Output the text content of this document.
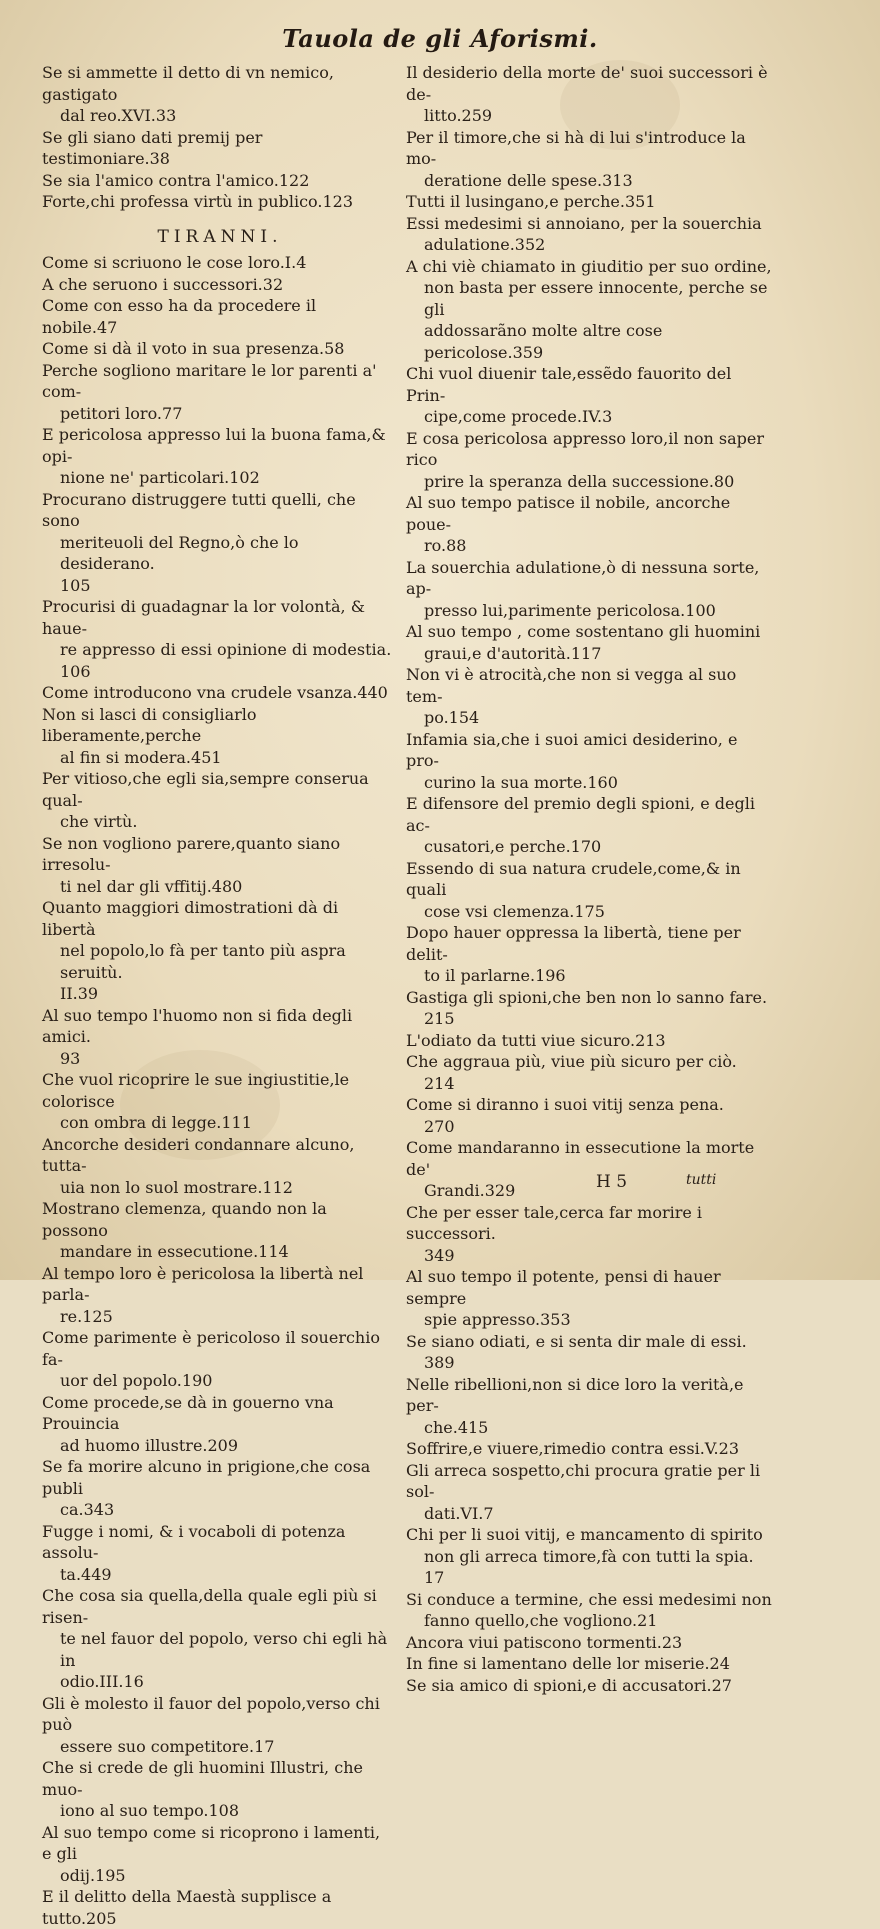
Tauola de gli Aforismi.
Se si ammette il detto di vn nemico, gastigato
dal reo.XVI.33
Se gli siano dati premij per testimoniare.38
Se sia l'amico contra l'amico.122
Forte,chi professa virtù in publico.123
TIRANNI.
Come si scriuono le cose loro.I.4
A che seruono i successori.32
Come con esso ha da procedere il nobile.47
Come si dà il voto in sua presenza.58
Perche sogliono maritare le lor parenti a' com-
petitori loro.77
E pericolosa appresso lui la buona fama,& opi-
nione ne' particolari.102
Procurano distruggere tutti quelli, che sono
meriteuoli del Regno,ò che lo desiderano.
105
Procurisi di guadagnar la lor volontà, & haue-
re appresso di essi opinione di modestia. 106
Come introducono vna crudele vsanza.440
Non si lasci di consigliarlo liberamente,perche
al fin si modera.451
Per vitioso,che egli sia,sempre conserua qual-
che virtù.
Se non vogliono parere,quanto siano irresolu-
ti nel dar gli vffitij.480
Quanto maggiori dimostrationi dà di libertà
nel popolo,lo fà per tanto più aspra seruitù.
II.39
Al suo tempo l'huomo non si fida degli amici.
93
Che vuol ricoprire le sue ingiustitie,le colorisce
con ombra di legge.111
Ancorche desideri condannare alcuno, tutta-
uia non lo suol mostrare.112
Mostrano clemenza, quando non la possono
mandare in essecutione.114
Al tempo loro è pericolosa la libertà nel parla-
re.125
Come parimente è pericoloso il souerchio fa-
uor del popolo.190
Come procede,se dà in gouerno vna Prouincia
ad huomo illustre.209
Se fa morire alcuno in prigione,che cosa publi
ca.343
Fugge i nomi, & i vocaboli di potenza assolu-
ta.449
Che cosa sia quella,della quale egli più si risen-
te nel fauor del popolo, verso chi egli hà in
odio.III.16
Gli è molesto il fauor del popolo,verso chi può
essere suo competitore.17
Che si crede de gli huomini Illustri, che muo-
iono al suo tempo.108
Al suo tempo come si ricoprono i lamenti, e gli
odij.195
E il delitto della Maestà supplisce a tutto.205
Il desiderio della morte de' suoi successori è de-
litto.259
Per il timore,che si hà di lui s'introduce la mo-
deratione delle spese.313
Tutti il lusingano,e perche.351
Essi medesimi si annoiano, per la souerchia
adulatione.352
A chi viè chiamato in giuditio per suo ordine,
non basta per essere innocente, perche se gli
addossarãno molte altre cose pericolose.359
Chi vuol diuenir tale,essẽdo fauorito del Prin-
cipe,come procede.IV.3
E cosa pericolosa appresso loro,il non saper rico
prire la speranza della successione.80
Al suo tempo patisce il nobile, ancorche poue-
ro.88
La souerchia adulatione,ò di nessuna sorte, ap-
presso lui,parimente pericolosa.100
Al suo tempo , come sostentano gli huomini
graui,e d'autorità.117
Non vi è atrocità,che non si vegga al suo tem-
po.154
Infamia sia,che i suoi amici desiderino, e pro-
curino la sua morte.160
E difensore del premio degli spioni, e degli ac-
cusatori,e perche.170
Essendo di sua natura crudele,come,& in quali
cose vsi clemenza.175
Dopo hauer oppressa la libertà, tiene per delit-
to il parlarne.196
Gastiga gli spioni,che ben non lo sanno fare.
215
L'odiato da tutti viue sicuro.213
Che aggraua più, viue più sicuro per ciò.
214
Come si diranno i suoi vitij senza pena.
270
Come mandaranno in essecutione la morte de'
Grandi.329
Che per esser tale,cerca far morire i successori.
349
Al suo tempo il potente, pensi di hauer sempre
spie appresso.353
Se siano odiati, e si senta dir male di essi.
389
Nelle ribellioni,non si dice loro la verità,e per-
che.415
Soffrire,e viuere,rimedio contra essi.V.23
Gli arreca sospetto,chi procura gratie per li sol-
dati.VI.7
Chi per li suoi vitij, e mancamento di spirito
non gli arreca timore,fà con tutti la spia.
17
Si conduce a termine, che essi medesimi non
fanno quello,che vogliono.21
Ancora viui patiscono tormenti.23
In fine si lamentano delle lor miserie.24
Se sia amico di spioni,e di accusatori.27
H 5	tutti
